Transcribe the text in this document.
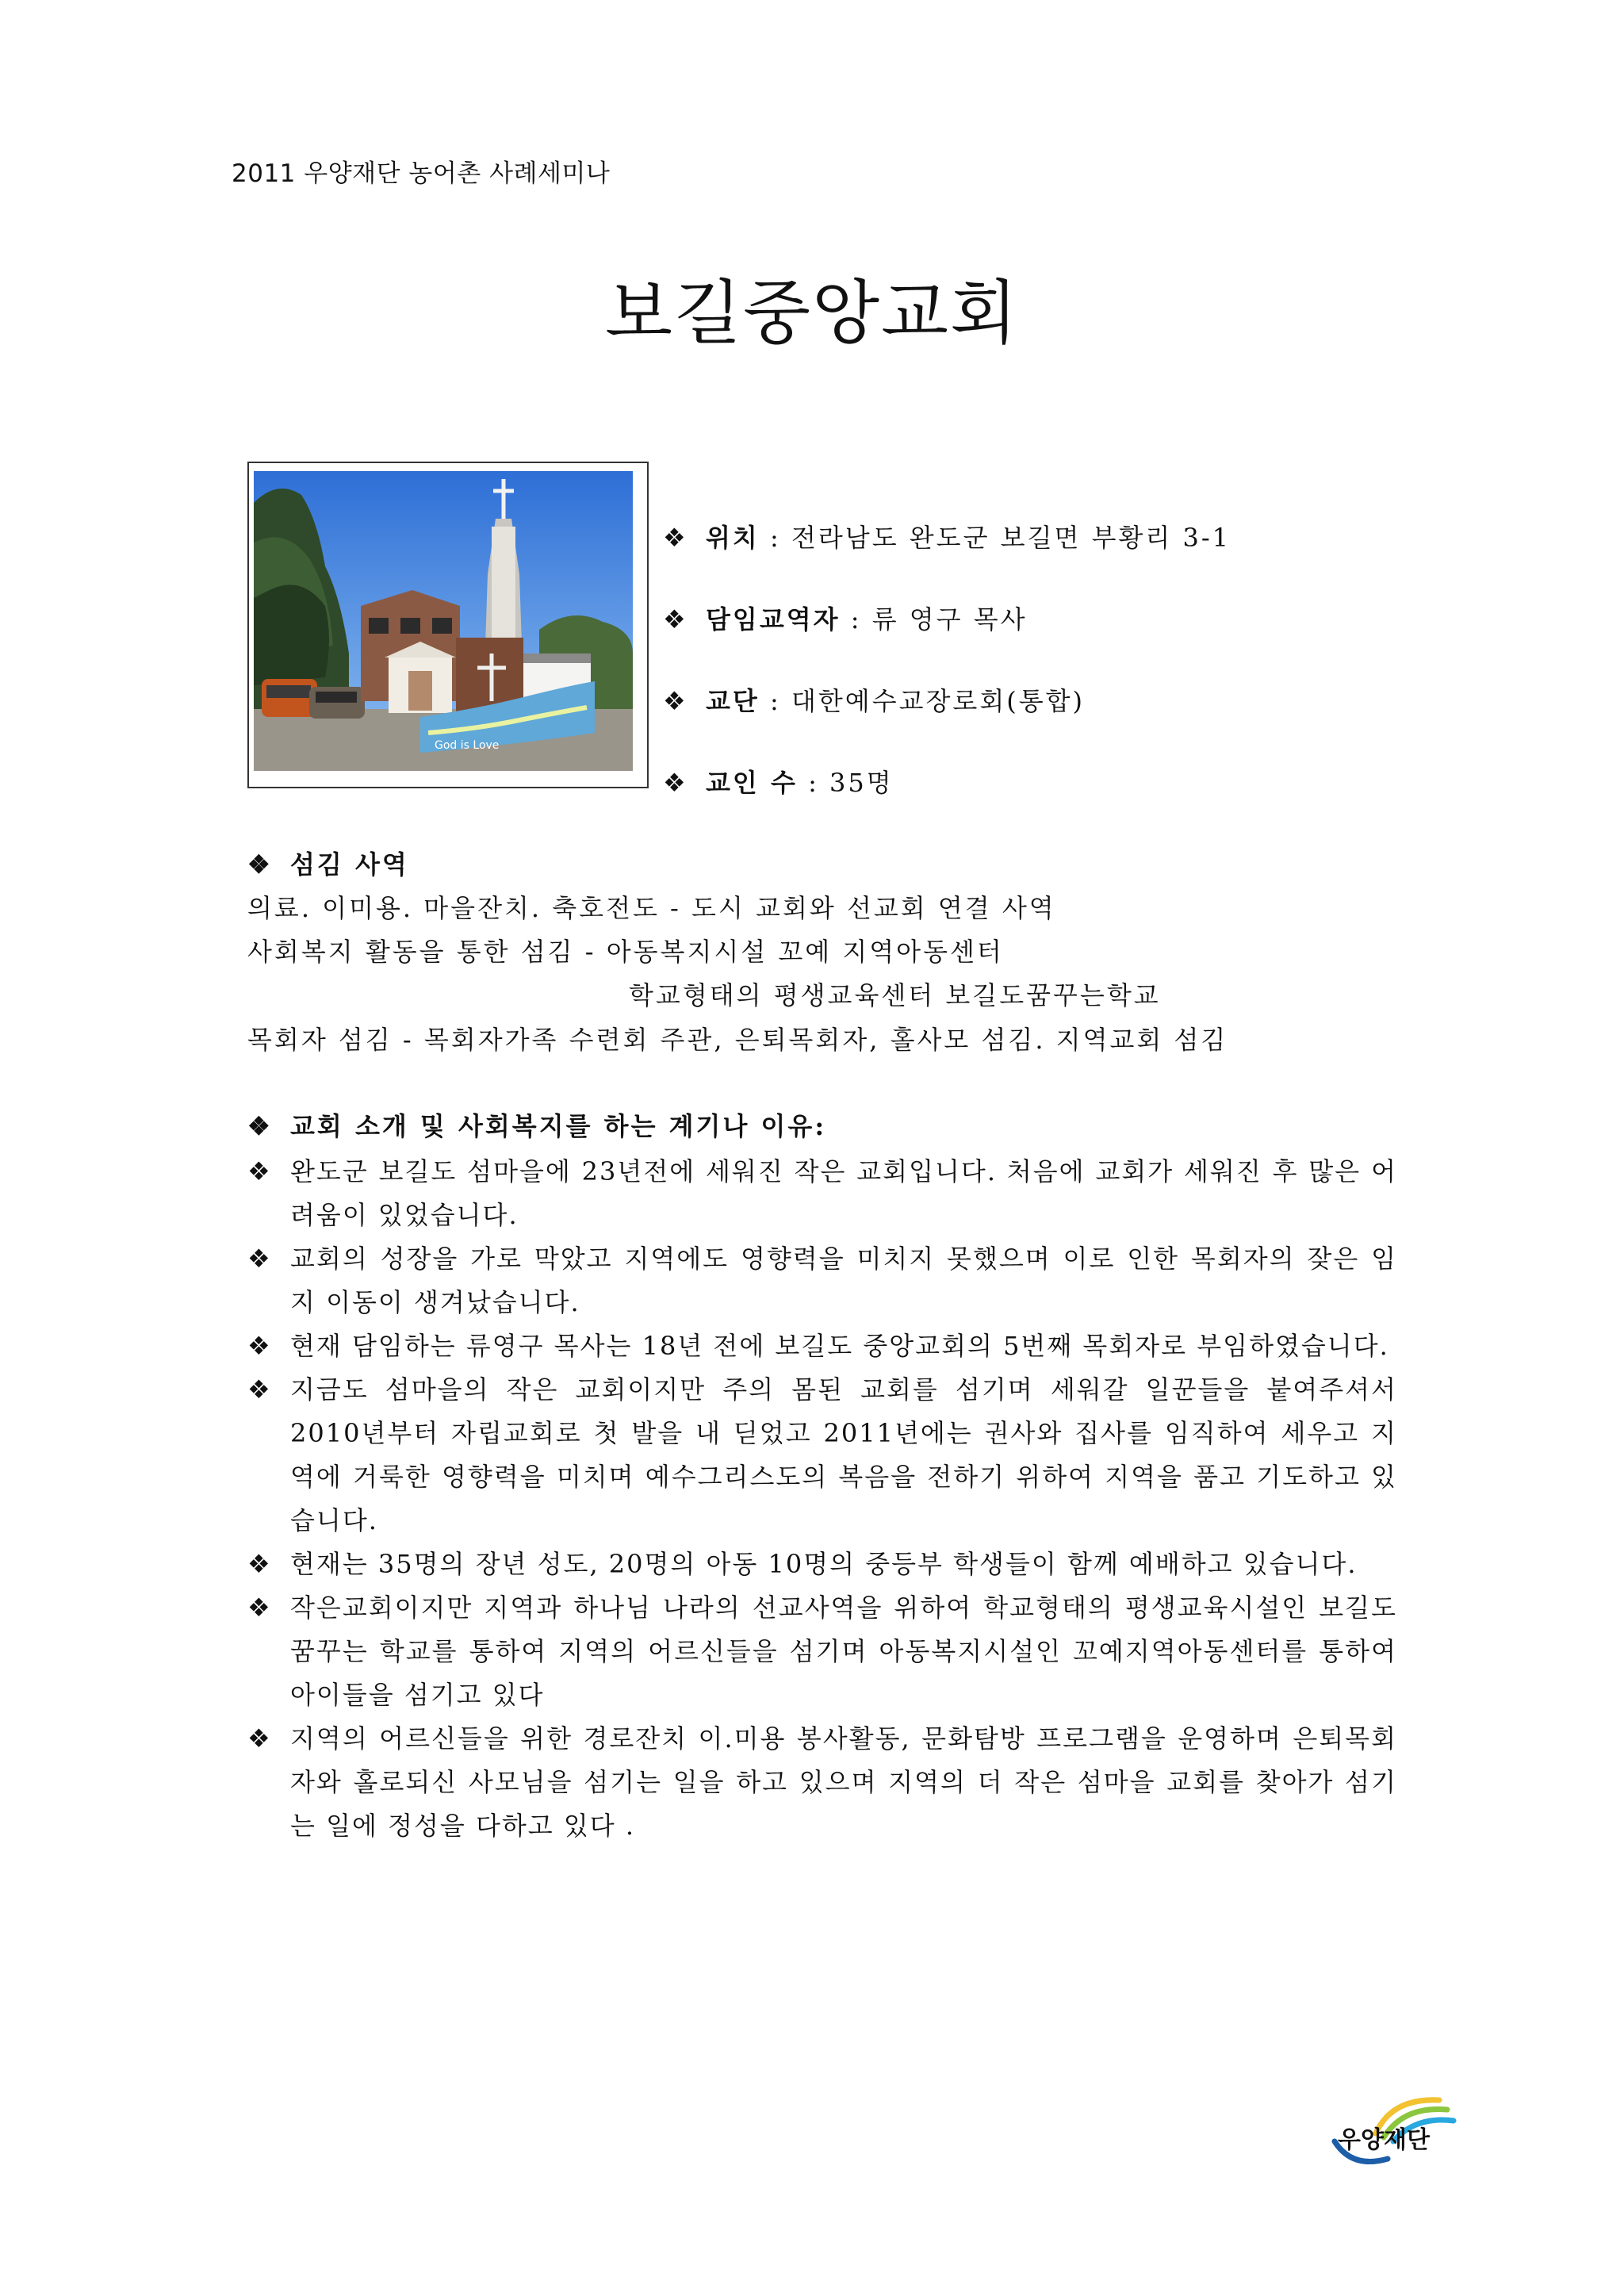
2011 우양재단 농어촌 사례세미나
보길중앙교회
God is Love
❖ 위치 : 전라남도 완도군 보길면 부황리 3-1
❖ 담임교역자 : 류 영구 목사
❖ 교단 : 대한예수교장로회(통합)
❖ 교인 수 : 35명
❖ 섬김 사역
의료. 이미용. 마을잔치. 축호전도 - 도시 교회와 선교회 연결 사역
사회복지 활동을 통한 섬김 - 아동복지시설 꼬예 지역아동센터
학교형태의 평생교육센터 보길도꿈꾸는학교
목회자 섬김 - 목회자가족 수련회 주관, 은퇴목회자, 홀사모 섬김. 지역교회 섬김
❖ 교회 소개 및 사회복지를 하는 계기나 이유:
❖ 완도군 보길도 섬마을에 23년전에 세워진 작은 교회입니다. 처음에 교회가 세워진 후 많은 어려움이 있었습니다.
❖ 교회의 성장을 가로 막았고 지역에도 영향력을 미치지 못했으며 이로 인한 목회자의 잦은 임지 이동이 생겨났습니다.
❖ 현재 담임하는 류영구 목사는 18년 전에 보길도 중앙교회의 5번째 목회자로 부임하였습니다.
❖ 지금도 섬마을의 작은 교회이지만 주의 몸된 교회를 섬기며 세워갈 일꾼들을 붙여주셔서 2010년부터 자립교회로 첫 발을 내 딛었고 2011년에는 권사와 집사를 임직하여 세우고 지역에 거룩한 영향력을 미치며 예수그리스도의 복음을 전하기 위하여 지역을 품고 기도하고 있습니다.
❖ 현재는 35명의 장년 성도, 20명의 아동 10명의 중등부 학생들이 함께 예배하고 있습니다.
❖ 작은교회이지만 지역과 하나님 나라의 선교사역을 위하여 학교형태의 평생교육시설인 보길도 꿈꾸는 학교를 통하여 지역의 어르신들을 섬기며 아동복지시설인 꼬예지역아동센터를 통하여 아이들을 섬기고 있다
❖ 지역의 어르신들을 위한 경로잔치 이.미용 봉사활동, 문화탐방 프로그램을 운영하며 은퇴목회자와 홀로되신 사모님을 섬기는 일을 하고 있으며 지역의 더 작은 섬마을 교회를 찾아가 섬기는 일에 정성을 다하고 있다 .
우양재단
